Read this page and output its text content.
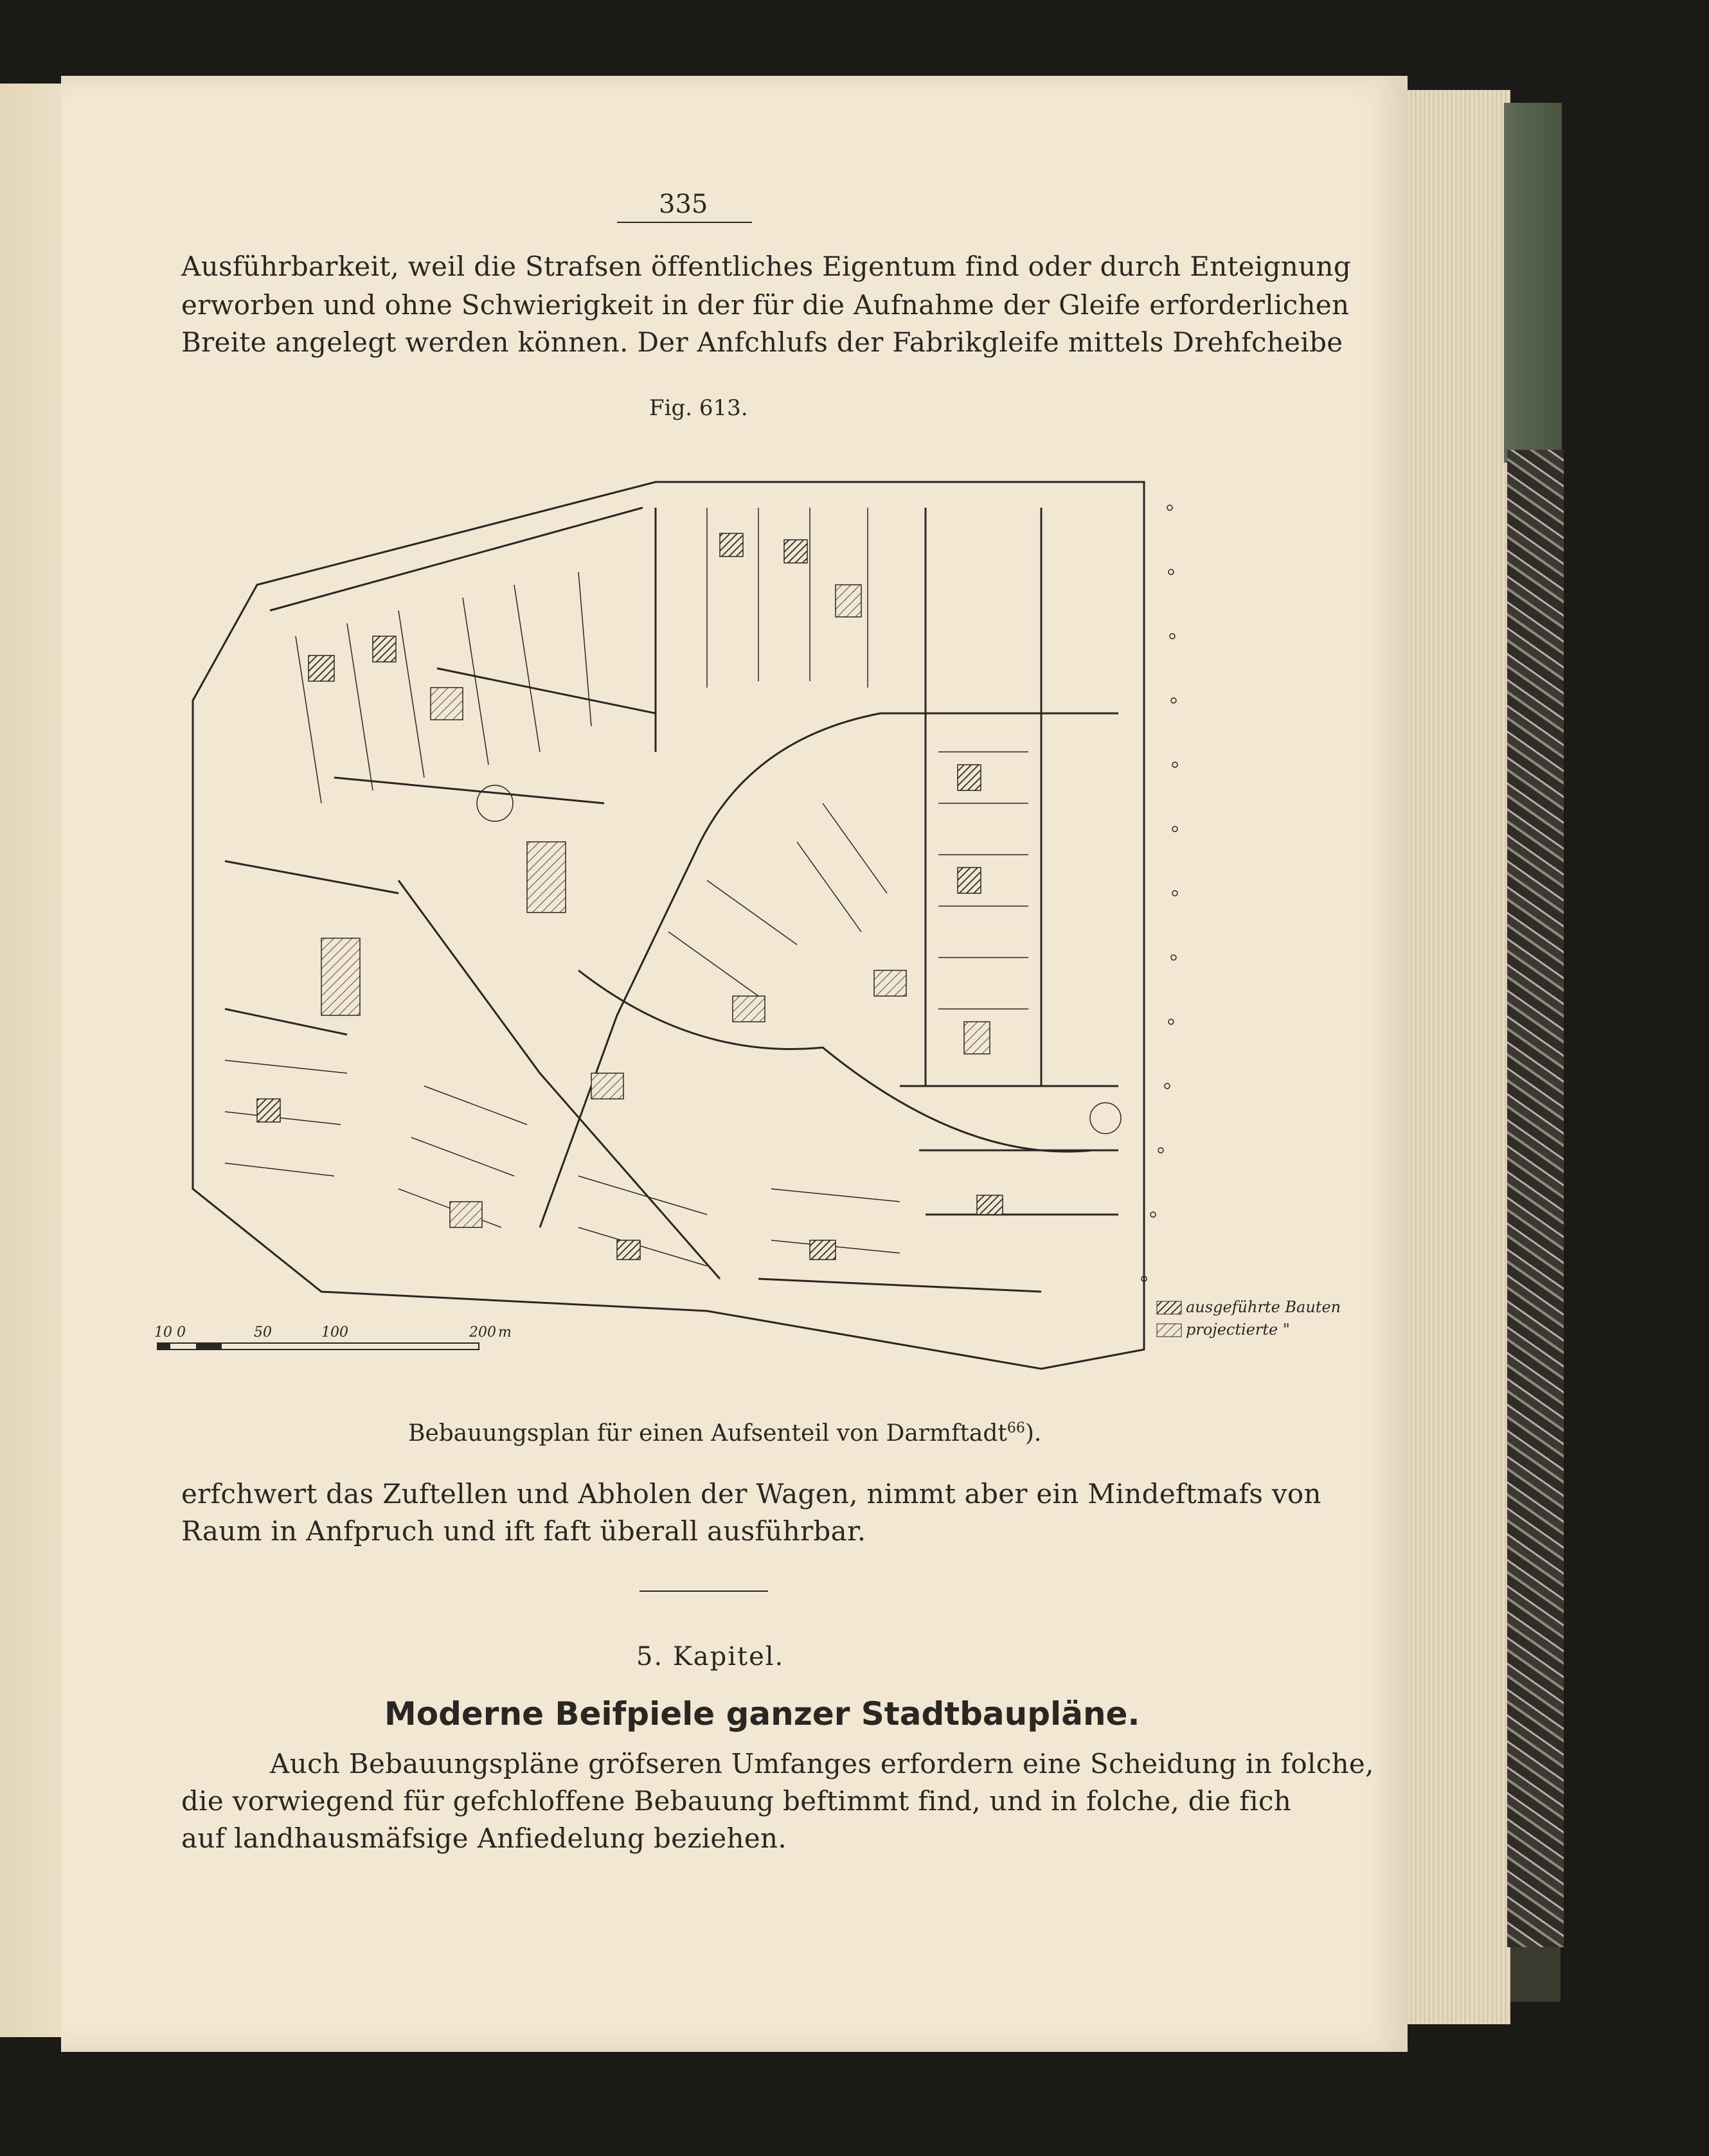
335
Ausführbarkeit, weil die Strafsen öffentliches Eigentum find oder durch Enteignung
erworben und ohne Schwierigkeit in der für die Aufnahme der Gleife erforderlichen
Breite angelegt werden können. Der Anfchlufs der Fabrikgleife mittels Drehfcheibe
Fig. 613.
10 0	50	100	200 m
ausgeführte Bauten
projectierte "
Bebauungsplan für einen Aufsenteil von Darmftadt$^{66}$).
erfchwert das Zuftellen und Abholen der Wagen, nimmt aber ein Mindeftmafs von
Raum in Anfpruch und ift faft überall ausführbar.
5. Kapitel.
Moderne Beifpiele ganzer Stadtbaupläne.
Auch Bebauungspläne gröfseren Umfanges erfordern eine Scheidung in folche,
die vorwiegend für gefchloffene Bebauung beftimmt find, und in folche, die fich
auf landhausmäfsige Anfiedelung beziehen.
